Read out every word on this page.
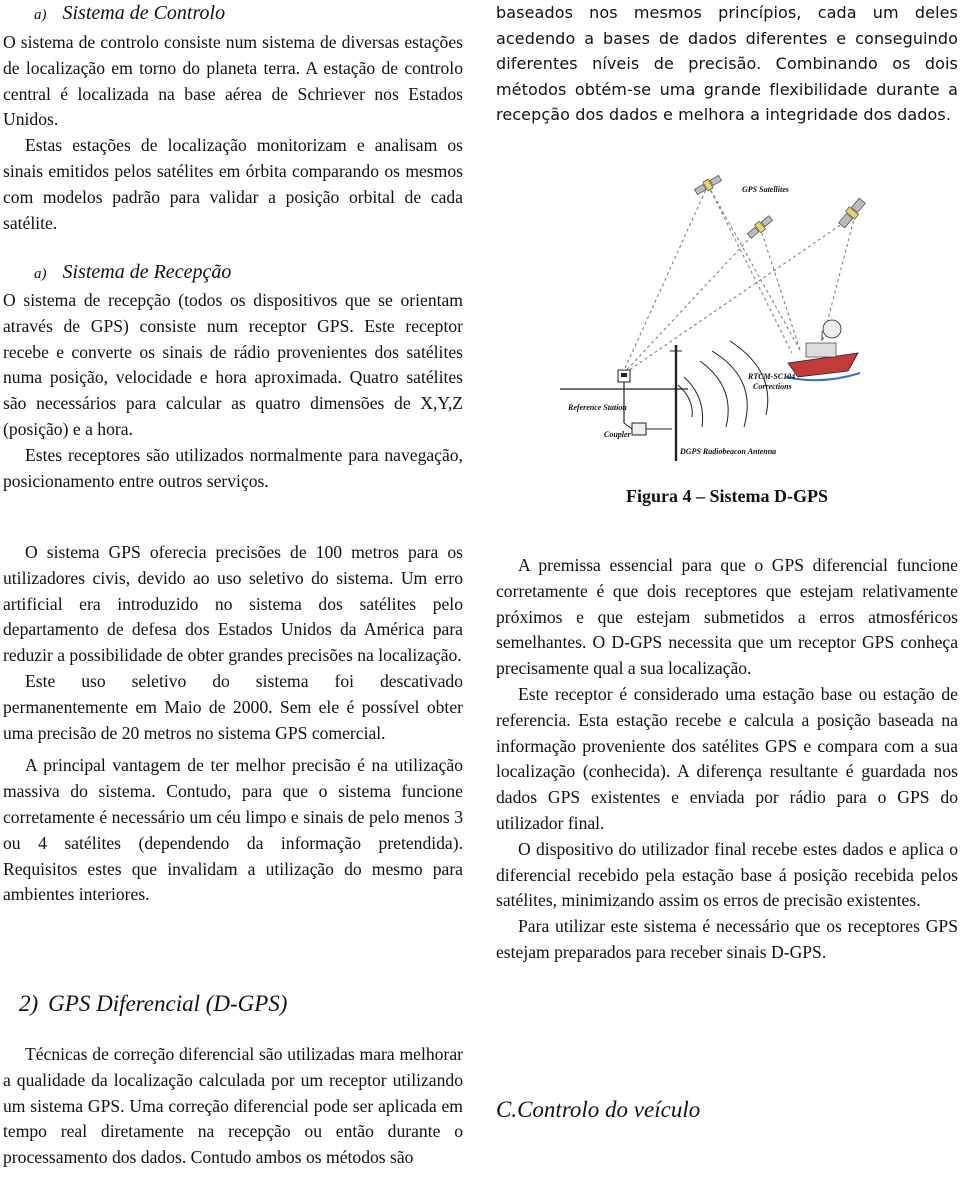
a) Sistema de Controlo

O sistema de controlo consiste num sistema de diversas estações de localização em torno do planeta terra. A estação de controlo central é localizada na base aérea de Schriever nos Estados Unidos.

Estas estações de localização monitorizam e analisam os sinais emitidos pelos satélites em órbita comparando os mesmos com modelos padrão para validar a posição orbital de cada satélite.

a) Sistema de Recepção

O sistema de recepção (todos os dispositivos que se orientam através de GPS) consiste num receptor GPS. Este receptor recebe e converte os sinais de rádio provenientes dos satélites numa posição, velocidade e hora aproximada. Quatro satélites são necessários para calcular as quatro dimensões de X,Y,Z (posição) e a hora.

Estes receptores são utilizados normalmente para navegação, posicionamento entre outros serviços.

O sistema GPS oferecia precisões de 100 metros para os utilizadores civis, devido ao uso seletivo do sistema. Um erro artificial era introduzido no sistema dos satélites pelo departamento de defesa dos Estados Unidos da América para reduzir a possibilidade de obter grandes precisões na localização.

Este uso seletivo do sistema foi descativado permanentemente em Maio de 2000. Sem ele é possível obter uma precisão de 20 metros no sistema GPS comercial.

A principal vantagem de ter melhor precisão é na utilização massiva do sistema. Contudo, para que o sistema funcione corretamente é necessário um céu limpo e sinais de pelo menos 3 ou 4 satélites (dependendo da informação pretendida). Requisitos estes que invalidam a utilização do mesmo para ambientes interiores.

2) GPS Diferencial (D-GPS)

Técnicas de correção diferencial são utilizadas mara melhorar a qualidade da localização calculada por um receptor utilizando um sistema GPS. Uma correção diferencial pode ser aplicada em tempo real diretamente na recepção ou então durante o processamento dos dados. Contudo ambos os métodos são

baseados nos mesmos princípios, cada um deles acedendo a bases de dados diferentes e conseguindo diferentes níveis de precisão. Combinando os dois métodos obtém-se uma grande flexibilidade durante a recepção dos dados e melhora a integridade dos dados.

GPS Satellites
RTCM-SC104
Corrections
Reference Station
Coupler
DGPS Radiobeacon Antenna
Figura 4 – Sistema D-GPS

A premissa essencial para que o GPS diferencial funcione corretamente é que dois receptores que estejam relativamente próximos e que estejam submetidos a erros atmosféricos semelhantes. O D-GPS necessita que um receptor GPS conheça precisamente qual a sua localização.

Este receptor é considerado uma estação base ou estação de referencia. Esta estação recebe e calcula a posição baseada na informação proveniente dos satélites GPS e compara com a sua localização (conhecida). A diferença resultante é guardada nos dados GPS existentes e enviada por rádio para o GPS do utilizador final.

O dispositivo do utilizador final recebe estes dados e aplica o diferencial recebido pela estação base á posição recebida pelos satélites, minimizando assim os erros de precisão existentes.

Para utilizar este sistema é necessário que os receptores GPS estejam preparados para receber sinais D-GPS.

C.Controlo do veículo
